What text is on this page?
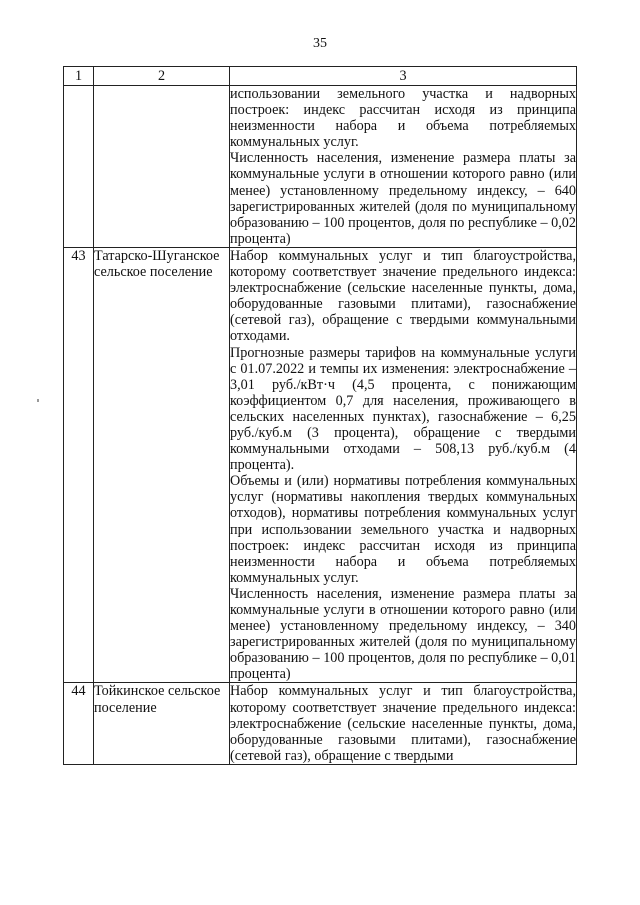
35
1	2	3

		использовании земельного участка и надворных построек: индекс рассчитан исходя из принципа неизменности набора и объема потребляемых коммунальных услуг.

Численность населения, изменение размера платы за коммунальные услуги в отношении которого равно (или менее) установленному предельному индексу, – 640 зарегистрированных жителей (доля по муниципальному образованию – 100 процентов, доля по республике – 0,02 процента)

43	Татарско-Шуганское сельское поселение	Набор коммунальных услуг и тип благоустройства, которому соответствует значение предельного индекса: электроснабжение (сельские населенные пункты, дома, оборудованные газовыми плитами), газоснабжение (сетевой газ), обращение с твердыми коммунальными отходами.

Прогнозные размеры тарифов на коммунальные услуги с 01.07.2022 и темпы их изменения: электроснабжение – 3,01 руб./кВт·ч (4,5 процента, с понижающим коэффициентом 0,7 для населения, проживающего в сельских населенных пунктах), газоснабжение – 6,25 руб./куб.м (3 процента), обращение с твердыми коммунальными отходами – 508,13 руб./куб.м (4 процента).

Объемы и (или) нормативы потребления коммунальных услуг (нормативы накопления твердых коммунальных отходов), нормативы потребления коммунальных услуг при использовании земельного участка и надворных построек: индекс рассчитан исходя из принципа неизменности набора и объема потребляемых коммунальных услуг.

Численность населения, изменение размера платы за коммунальные услуги в отношении которого равно (или менее) установленному предельному индексу, – 340 зарегистрированных жителей (доля по муниципальному образованию – 100 процентов, доля по республике – 0,01 процента)

44	Тойкинское сельское поселение	Набор коммунальных услуг и тип благоустройства, которому соответствует значение предельного индекса: электроснабжение (сельские населенные пункты, дома, оборудованные газовыми плитами), газоснабжение (сетевой газ), обращение с твердыми
